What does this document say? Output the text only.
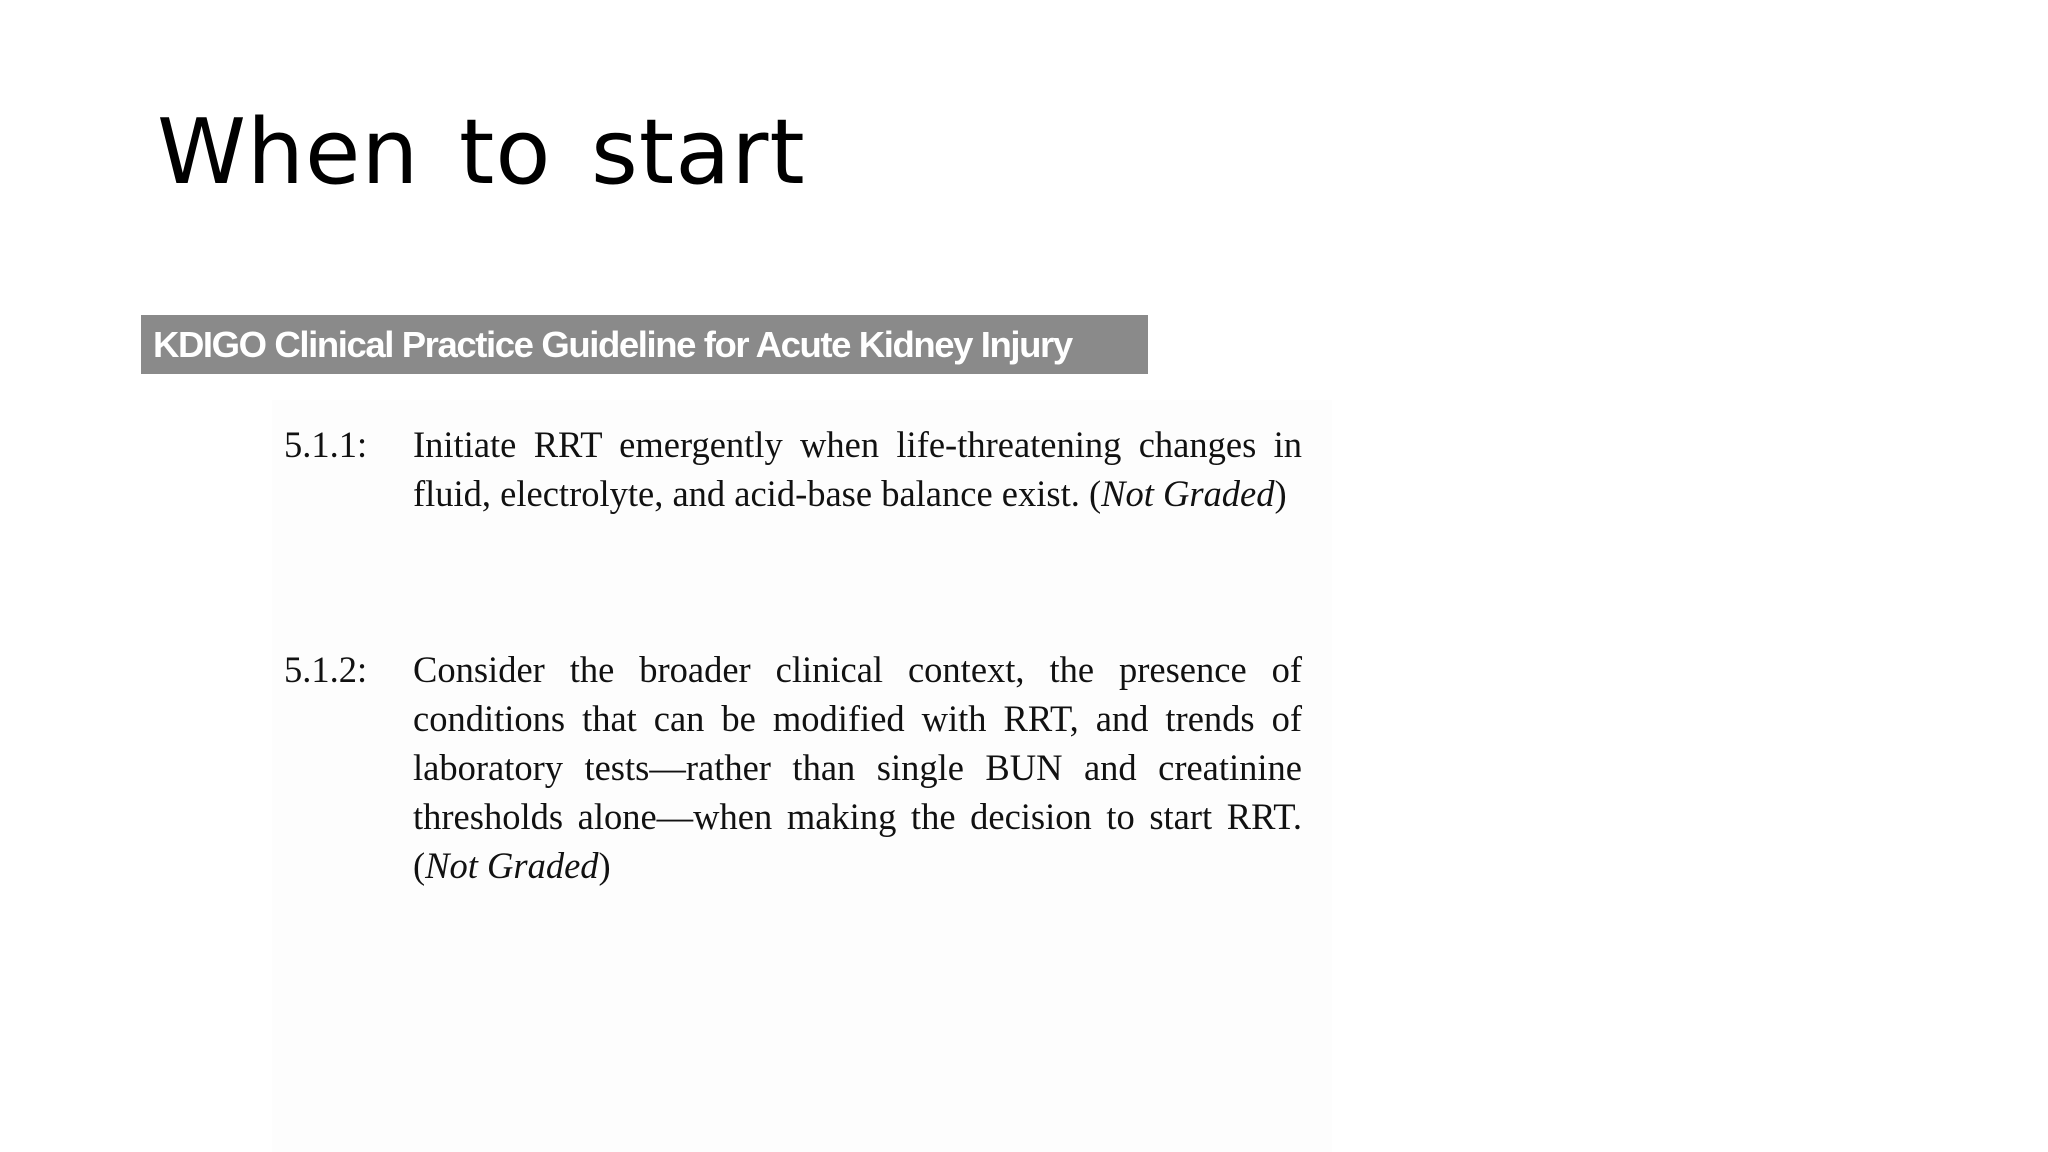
When to start
KDIGO Clinical Practice Guideline for Acute Kidney Injury
5.1.1: Initiate RRT emergently when life-threatening changes in fluid, electrolyte, and acid-base balance exist. (Not Graded)
5.1.2: Consider the broader clinical context, the presence of conditions that can be modified with RRT, and trends of laboratory tests—rather than single BUN and creatinine thresholds alone—when making the decision to start RRT. (Not Graded)
